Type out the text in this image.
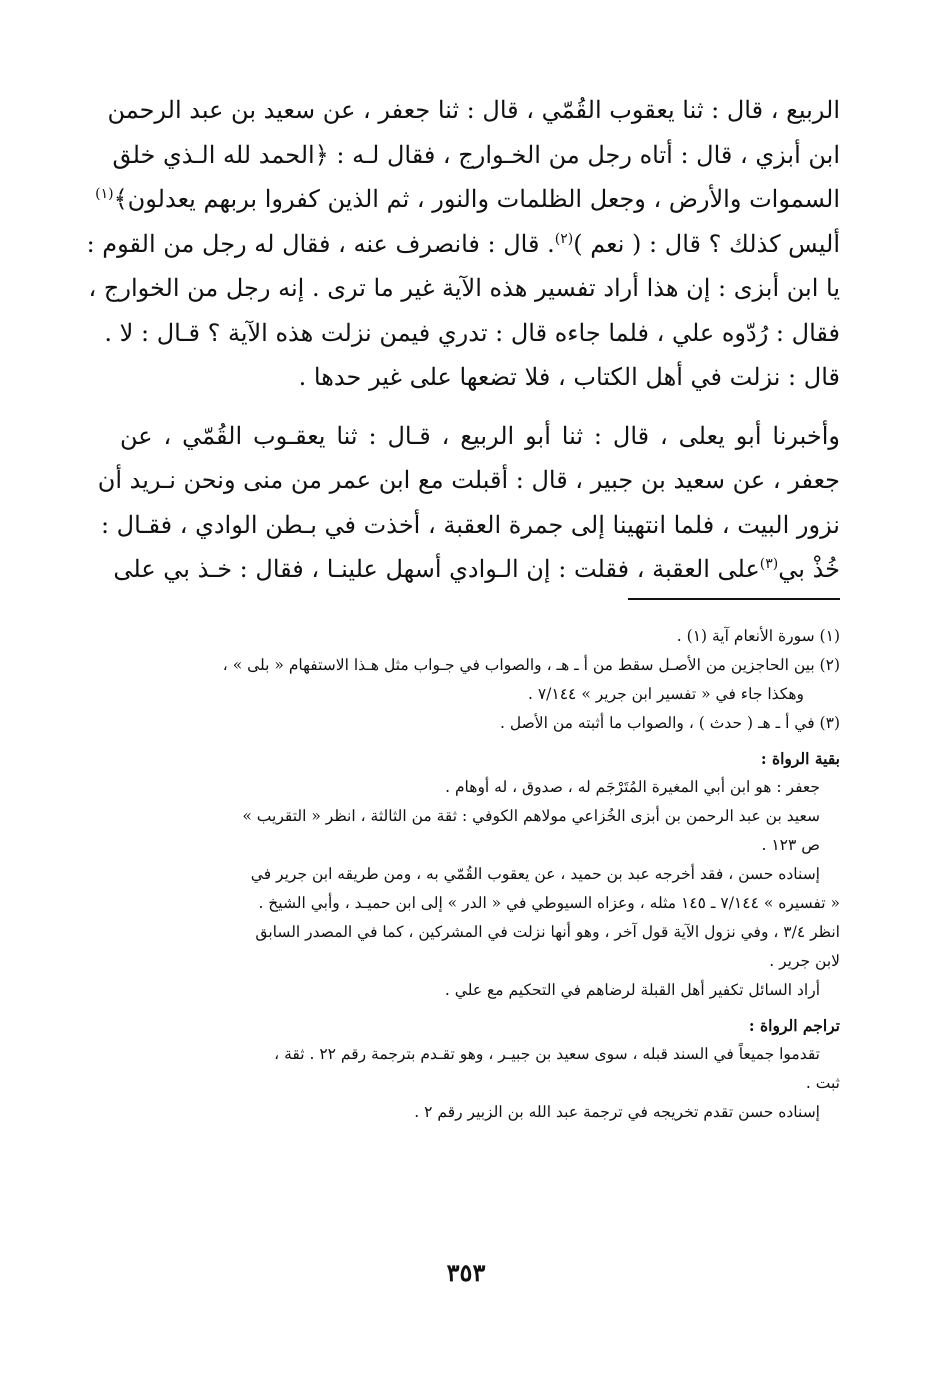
الربيع ، قال : ثنا يعقوب القُمّي ، قال : ثنا جعفر ، عن سعيد بن عبد الرحمن
ابن أبزي ، قال : أتاه رجل من الخـوارج ، فقال لـه : ﴿الحمد لله الـذي خلق
السموات والأرض ، وجعل الظلمات والنور ، ثم الذين كفروا بربهم يعدلون﴾$^{(١)}$
أليس كذلك ؟ قال : ( نعم )$^{(٢)}$. قال : فانصرف عنه ، فقال له رجل من القوم :
يا ابن أبزى : إن هذا أراد تفسير هذه الآية غير ما ترى . إنه رجل من الخوارج ،
فقال : رُدّوه علي ، فلما جاءه قال : تدري فيمن نزلت هذه الآية ؟ قـال : لا .
قال : نزلت في أهل الكتاب ، فلا تضعها على غير حدها .
وأخبرنا أبو يعلى ، قال : ثنا أبو الربيع ، قـال : ثنا يعقـوب القُمّي ، عن
جعفر ، عن سعيد بن جبير ، قال : أقبلت مع ابن عمر من منى ونحن نـريد أن
نزور البيت ، فلما انتهينا إلى جمرة العقبة ، أخذت في بـطن الوادي ، فقـال :
خُذْ بي$^{(٣)}$على العقبة ، فقلت : إن الـوادي أسهل علينـا ، فقال : خـذ بي على
(١) سورة الأنعام آية (١) .
(٢) بين الحاجزين من الأصـل سقط من أ ـ هـ ، والصواب في جـواب مثل هـذا الاستفهام « بلى » ،
وهكذا جاء في « تفسير ابن جرير » ٧/١٤٤ .
(٣) في أ ـ هـ ( حدث ) ، والصواب ما أثبته من الأصل .
بقية الرواة :
جعفر : هو ابن أبي المغيرة المُتَرْجَم له ، صدوق ، له أوهام .
سعيد بن عبد الرحمن بن أبزى الخُزاعي مولاهم الكوفي : ثقة من الثالثة ، انظر « التقريب »
ص ١٢٣ .
إسناده حسن ، فقد أخرجه عبد بن حميد ، عن يعقوب القُمّي به ، ومن طريقه ابن جرير في
« تفسيره » ٧/١٤٤ ـ ١٤٥ مثله ، وعزاه السيوطي في « الدر » إلى ابن حميـد ، وأبي الشيخ .
انظر ٣/٤ ، وفي نزول الآية قول آخر ، وهو أنها نزلت في المشركين ، كما في المصدر السابق
لابن جرير .
أراد السائل تكفير أهل القبلة لرضاهم في التحكيم مع علي .
تراجم الرواة :
تقدموا جميعاً في السند قبله ، سوى سعيد بن جبيـر ، وهو تقـدم بترجمة رقم ٢٢ . ثقة ،
ثبت .
إسناده حسن تقدم تخريجه في ترجمة عبد الله بن الزبير رقم ٢ .
٣٥٣
